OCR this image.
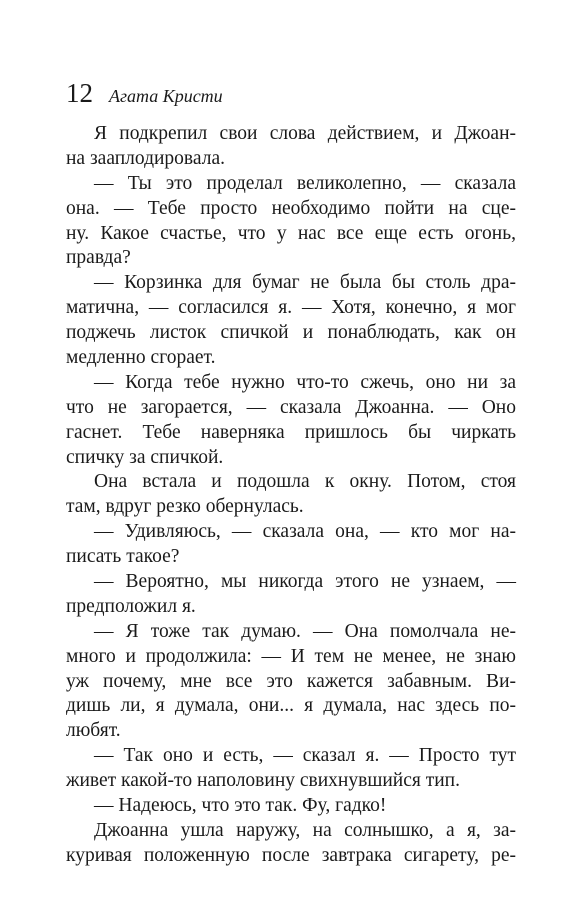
12 Агата Кристи
Я подкрепил свои слова действием, и Джоан-
на зааплодировала.
— Ты это проделал великолепно, — сказала
она. — Тебе просто необходимо пойти на сце-
ну. Какое счастье, что у нас все еще есть огонь,
правда?
— Корзинка для бумаг не была бы столь дра-
матична, — согласился я. — Хотя, конечно, я мог
поджечь листок спичкой и понаблюдать, как он
медленно сгорает.
— Когда тебе нужно что-то сжечь, оно ни за
что не загорается, — сказала Джоанна. — Оно
гаснет. Тебе наверняка пришлось бы чиркать
спичку за спичкой.
Она встала и подошла к окну. Потом, стоя
там, вдруг резко обернулась.
— Удивляюсь, — сказала она, — кто мог на-
писать такое?
— Вероятно, мы никогда этого не узнаем, —
предположил я.
— Я тоже так думаю. — Она помолчала не-
много и продолжила: — И тем не менее, не знаю
уж почему, мне все это кажется забавным. Ви-
дишь ли, я думала, они... я думала, нас здесь по-
любят.
— Так оно и есть, — сказал я. — Просто тут
живет какой-то наполовину свихнувшийся тип.
— Надеюсь, что это так. Фу, гадко!
Джоанна ушла наружу, на солнышко, а я, за-
куривая положенную после завтрака сигарету, ре-
